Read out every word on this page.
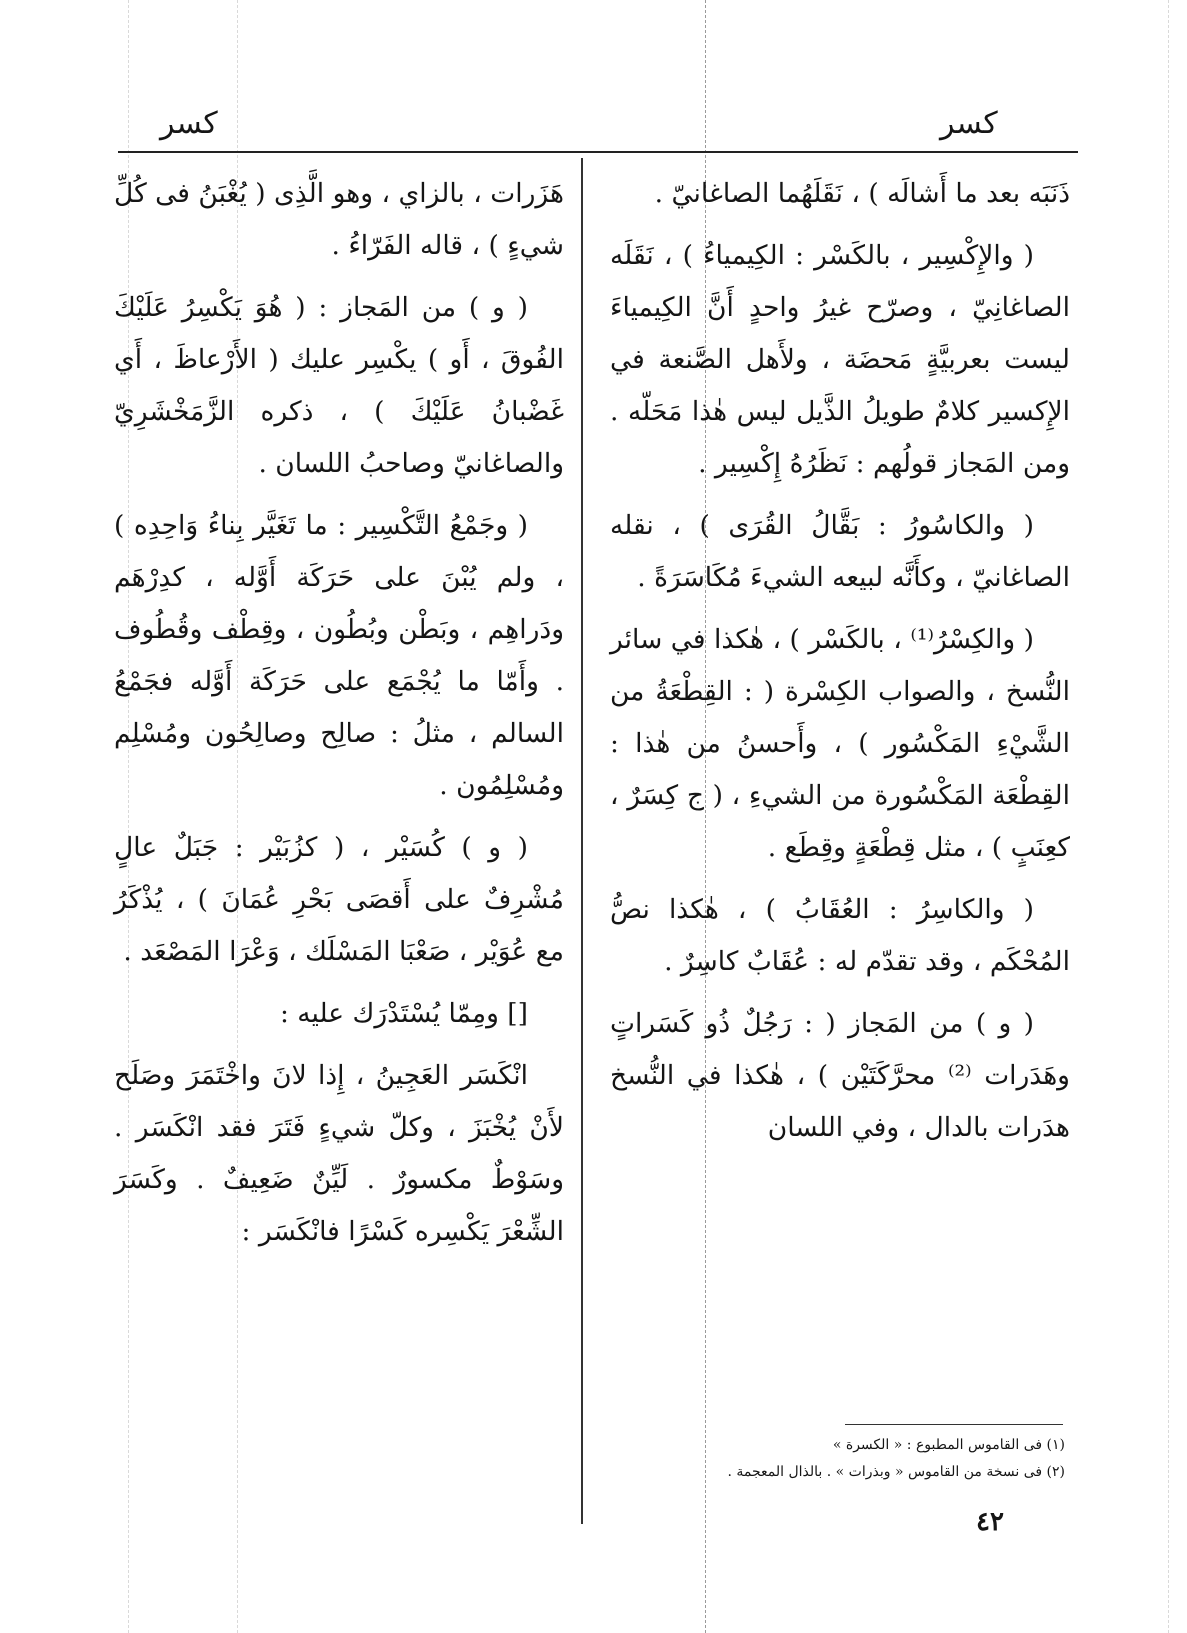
كسر
كسر

ذَنَبَه بعد ما أَشالَه ) ، نَقَلَهُما الصاغانيّ .

( والإِكْسِير ، بالكَسْر : الكِيمياءُ ) ، نَقَلَه الصاغانِيّ ، وصرّح غيرُ واحدٍ أَنَّ الكِيمياءَ ليست بعربيَّةٍ مَحضَة ، ولأَهل الصَّنعة في الإِكسير كلامٌ طويلُ الذَّيل ليس هٰذا مَحَلّه . ومن المَجاز قولُهم : نَظَرُهُ إِكْسِير .

( والكاسُورُ : بَقَّالُ القُرَى ) ، نقله الصاغانيّ ، وكأَنَّه لبيعه الشيءَ مُكَاسَرَةً .

( والكِسْرُ⁽¹⁾ ، بالكَسْر ) ، هٰكذا في سائر النُّسخ ، والصواب الكِسْرة ( : القِطْعَةُ من الشَّيْءِ المَكْسُور ) ، وأَحسنُ من هٰذا : القِطْعَة المَكْسُورة من الشيءِ ، ( ج كِسَرٌ ، كعِنَبٍ ) ، مثل قِطْعَةٍ وقِطَع .

( والكاسِرُ : العُقَابُ ) ، هٰكذا نصُّ المُحْكَم ، وقد تقدّم له : عُقَابٌ كاسِرٌ .

( و ) من المَجاز ( : رَجُلٌ ذُو كَسَراتٍ وهَدَرات ⁽²⁾ محرَّكَتَيْن ) ، هٰكذا في النُّسخ هدَرات بالدال ، وفي اللسان

هَزَرات ، بالزاي ، وهو الَّذِى ( يُغْبَنُ فى كُلِّ شيءٍ ) ، قاله الفَرّاءُ .

( و ) من المَجاز : ( هُوَ يَكْسِرُ عَلَيْكَ الفُوقَ ، أَو ) يكْسِر عليك ( الأَرْعاظَ ، أَي غَضْبانُ عَلَيْكَ ) ، ذكره الزَّمَخْشَرِيّ والصاغانيّ وصاحبُ اللسان .

( وجَمْعُ التَّكْسِير : ما تَغَيَّر بِناءُ وَاحِدِه ) ، ولم يُبْنَ على حَرَكَة أَوَّله ، كدِرْهَم ودَراهِم ، وبَطْن وبُطُون ، وقِطْف وقُطُوف . وأَمّا ما يُجْمَع على حَرَكَة أَوَّله فجَمْعُ السالم ، مثلُ : صالِح وصالِحُون ومُسْلِم ومُسْلِمُون .

( و ) كُسَيْر ، ( كزُبَيْر : جَبَلٌ عالٍ مُشْرِفٌ على أَقصَى بَحْرِ عُمَانَ ) ، يُذْكَرُ مع عُوَيْر ، صَعْبَا المَسْلَك ، وَعْرَا المَصْعَد .

[] ومِمّا يُسْتَدْرَك عليه :

انْكَسَر العَجِينُ ، إِذا لانَ واخْتَمَرَ وصَلَح لأَنْ يُخْبَزَ ، وكلّ شيءٍ فَتَرَ فقد انْكَسَر . وسَوْطٌ مكسورٌ . لَيِّنٌ ضَعِيفٌ . وكَسَرَ الشِّعْرَ يَكْسِره كَسْرًا فانْكَسَر :

(١) فى القاموس المطبوع : « الكسرة »
(٢) فى نسخة من القاموس « وبذرات » . بالذال المعجمة .
٤٢
